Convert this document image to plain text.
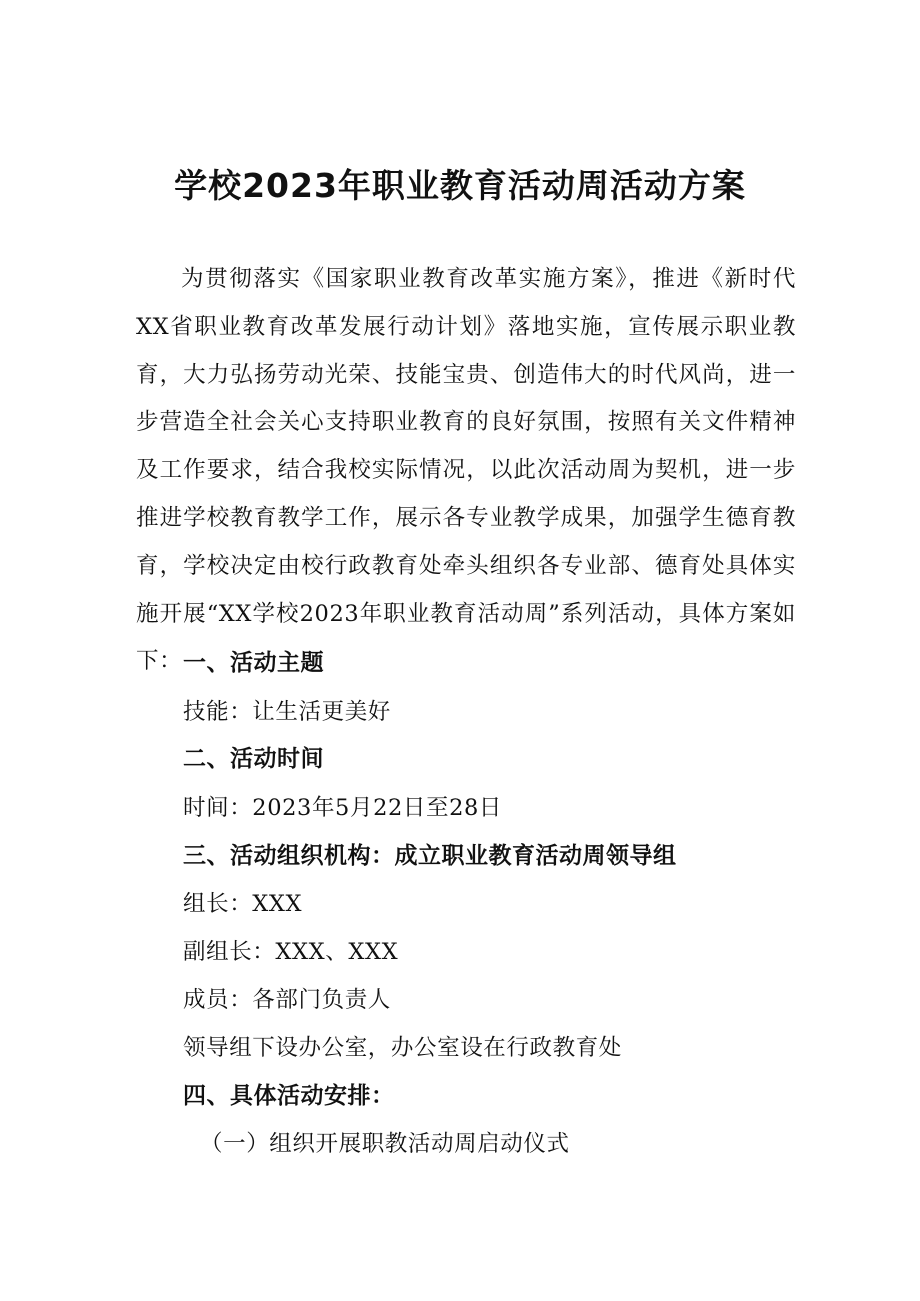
学校2023年职业教育活动周活动方案

为贯彻落实《国家职业教育改革实施方案》，推进《新时代XX省职业教育改革发展行动计划》落地实施，宣传展示职业教育，大力弘扬劳动光荣、技能宝贵、创造伟大的时代风尚，进一步营造全社会关心支持职业教育的良好氛围，按照有关文件精神及工作要求，结合我校实际情况，以此次活动周为契机，进一步推进学校教育教学工作，展示各专业教学成果，加强学生德育教育，学校决定由校行政教育处牵头组织各专业部、德育处具体实施开展“XX学校2023年职业教育活动周”系列活动，具体方案如下： 一、活动主题

技能：让生活更美好

二、活动时间

时间：2023年5月22日至28日

三、活动组织机构：成立职业教育活动周领导组

组长：XXX

副组长：XXX、XXX

成员：各部门负责人

领导组下设办公室，办公室设在行政教育处

四、具体活动安排：

（一）组织开展职教活动周启动仪式
